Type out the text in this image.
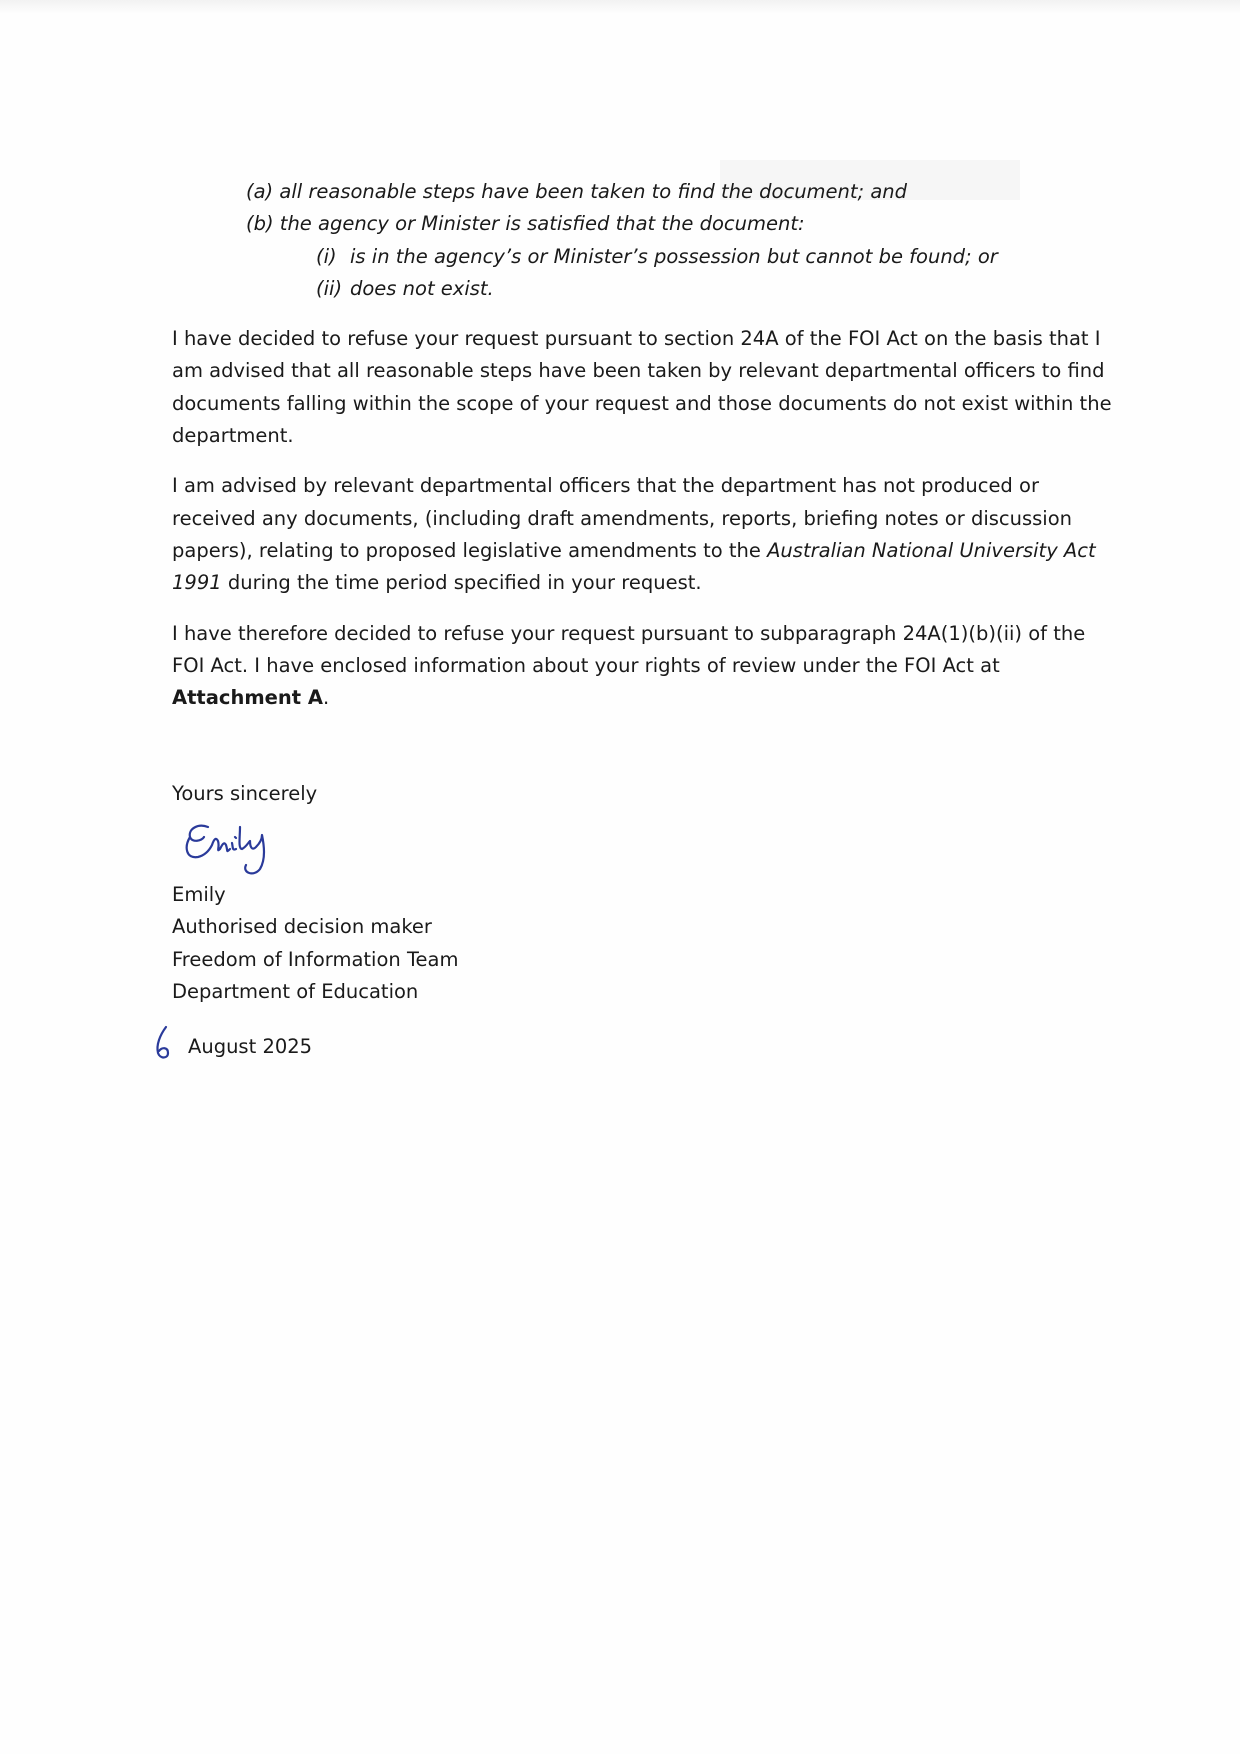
(a) all reasonable steps have been taken to find the document; and
(b) the agency or Minister is satisfied that the document:
(i) is in the agency’s or Minister’s possession but cannot be found; or
(ii) does not exist.

I have decided to refuse your request pursuant to section 24A of the FOI Act on the basis that I am advised that all reasonable steps have been taken by relevant departmental officers to find documents falling within the scope of your request and those documents do not exist within the department.

I am advised by relevant departmental officers that the department has not produced or received any documents, (including draft amendments, reports, briefing notes or discussion papers), relating to proposed legislative amendments to the Australian National University Act 1991 during the time period specified in your request.

I have therefore decided to refuse your request pursuant to subparagraph 24A(1)(b)(ii) of the FOI Act. I have enclosed information about your rights of review under the FOI Act at Attachment A.

Yours sincerely
Emily
Authorised decision maker
Freedom of Information Team
Department of Education
August 2025
